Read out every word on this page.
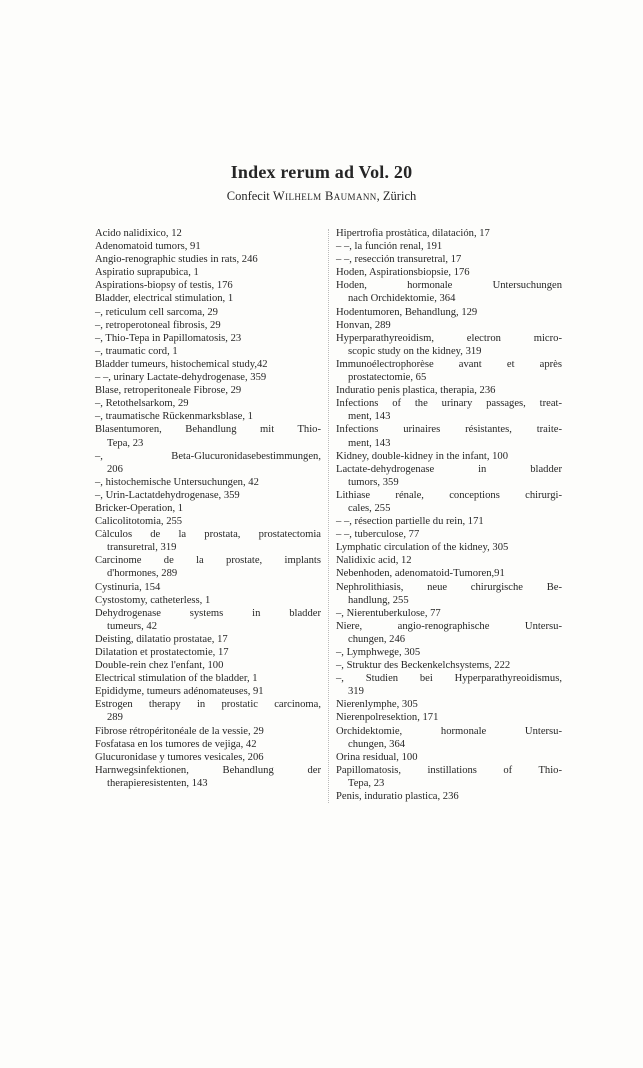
Index rerum ad Vol. 20
Confecit Wilhelm Baumann, Zürich
Acido nalidixico, 12
Adenomatoid tumors, 91
Angio-renographic studies in rats, 246
Aspiratio suprapubica, 1
Aspirations-biopsy of testis, 176
Bladder, electrical stimulation, 1
–, reticulum cell sarcoma, 29
–, retroperotoneal fibrosis, 29
–, Thio-Tepa in Papillomatosis, 23
–, traumatic cord, 1
Bladder tumeurs, histochemical study,42
– –, urinary Lactate-dehydrogenase, 359
Blase, retroperitoneale Fibrose, 29
–, Retothelsarkom, 29
–, traumatische Rückenmarksblase, 1
Blasentumoren, Behandlung mit Thio-
Tepa, 23
–, Beta-Glucuronidasebestimmungen,
206
–, histochemische Untersuchungen, 42
–, Urin-Lactatdehydrogenase, 359
Bricker-Operation, 1
Calicolitotomia, 255
Càlculos de la prostata, prostatectomia
transuretral, 319
Carcinome de la prostate, implants
d'hormones, 289
Cystinuria, 154
Cystostomy, catheterless, 1
Dehydrogenase systems in bladder
tumeurs, 42
Deisting, dilatatio prostatae, 17
Dilatation et prostatectomie, 17
Double-rein chez l'enfant, 100
Electrical stimulation of the bladder, 1
Epididyme, tumeurs adénomateuses, 91
Estrogen therapy in prostatic carcinoma,
289
Fibrose rétropéritonéale de la vessie, 29
Fosfatasa en los tumores de vejiga, 42
Glucuronidase y tumores vesicales, 206
Harnwegsinfektionen, Behandlung der
therapieresistenten, 143
Hipertrofia prostàtica, dilatación, 17
– –, la función renal, 191
– –, resección transuretral, 17
Hoden, Aspirationsbiopsie, 176
Hoden, hormonale Untersuchungen
nach Orchidektomie, 364
Hodentumoren, Behandlung, 129
Honvan, 289
Hyperparathyreoidism, electron micro-
scopic study on the kidney, 319
Immunoélectrophorèse avant et après
prostatectomie, 65
Induratio penis plastica, therapia, 236
Infections of the urinary passages, treat-
ment, 143
Infections urinaires résistantes, traite-
ment, 143
Kidney, double-kidney in the infant, 100
Lactate-dehydrogenase in bladder
tumors, 359
Lithiase rénale, conceptions chirurgi-
cales, 255
– –, résection partielle du rein, 171
– –, tuberculose, 77
Lymphatic circulation of the kidney, 305
Nalidixic acid, 12
Nebenhoden, adenomatoid-Tumoren,91
Nephrolithiasis, neue chirurgische Be-
handlung, 255
–, Nierentuberkulose, 77
Niere, angio-renographische Untersu-
chungen, 246
–, Lymphwege, 305
–, Struktur des Beckenkelchsystems, 222
–, Studien bei Hyperparathyreoidismus,
319
Nierenlymphe, 305
Nierenpolresektion, 171
Orchidektomie, hormonale Untersu-
chungen, 364
Orina residual, 100
Papillomatosis, instillations of Thio-
Tepa, 23
Penis, induratio plastica, 236
